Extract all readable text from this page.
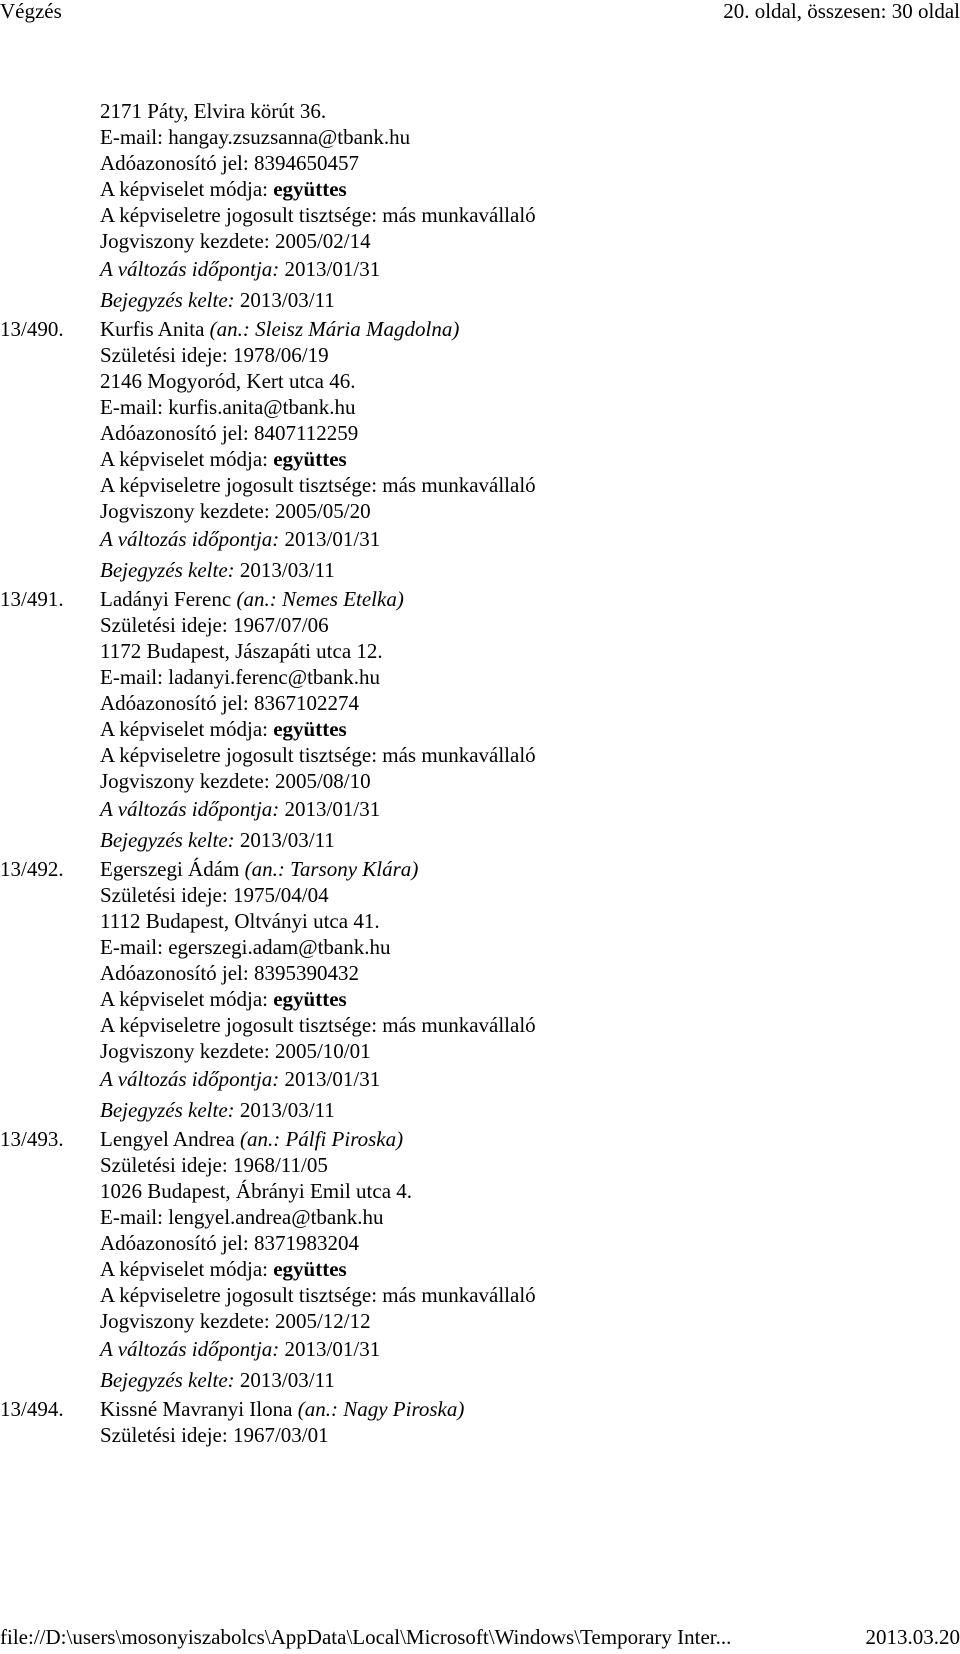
Végzés	20. oldal, összesen: 30 oldal
2171 Páty, Elvira körút 36.
E-mail: hangay.zsuzsanna@tbank.hu
Adóazonosító jel: 8394650457
A képviselet módja: együttes
A képviseletre jogosult tisztsége: más munkavállaló
Jogviszony kezdete: 2005/02/14
A változás időpontja: 2013/01/31
Bejegyzés kelte: 2013/03/11
13/490. Kurfis Anita (an.: Sleisz Mária Magdolna)
Születési ideje: 1978/06/19
2146 Mogyoród, Kert utca 46.
E-mail: kurfis.anita@tbank.hu
Adóazonosító jel: 8407112259
A képviselet módja: együttes
A képviseletre jogosult tisztsége: más munkavállaló
Jogviszony kezdete: 2005/05/20
A változás időpontja: 2013/01/31
Bejegyzés kelte: 2013/03/11
13/491. Ladányi Ferenc (an.: Nemes Etelka)
Születési ideje: 1967/07/06
1172 Budapest, Jászapáti utca 12.
E-mail: ladanyi.ferenc@tbank.hu
Adóazonosító jel: 8367102274
A képviselet módja: együttes
A képviseletre jogosult tisztsége: más munkavállaló
Jogviszony kezdete: 2005/08/10
A változás időpontja: 2013/01/31
Bejegyzés kelte: 2013/03/11
13/492. Egerszegi Ádám (an.: Tarsony Klára)
Születési ideje: 1975/04/04
1112 Budapest, Oltványi utca 41.
E-mail: egerszegi.adam@tbank.hu
Adóazonosító jel: 8395390432
A képviselet módja: együttes
A képviseletre jogosult tisztsége: más munkavállaló
Jogviszony kezdete: 2005/10/01
A változás időpontja: 2013/01/31
Bejegyzés kelte: 2013/03/11
13/493. Lengyel Andrea (an.: Pálfi Piroska)
Születési ideje: 1968/11/05
1026 Budapest, Ábrányi Emil utca 4.
E-mail: lengyel.andrea@tbank.hu
Adóazonosító jel: 8371983204
A képviselet módja: együttes
A képviseletre jogosult tisztsége: más munkavállaló
Jogviszony kezdete: 2005/12/12
A változás időpontja: 2013/01/31
Bejegyzés kelte: 2013/03/11
13/494. Kissné Mavranyi Ilona (an.: Nagy Piroska)
Születési ideje: 1967/03/01
file://D:\users\mosonyiszabolcs\AppData\Local\Microsoft\Windows\Temporary Inter...	2013.03.20
